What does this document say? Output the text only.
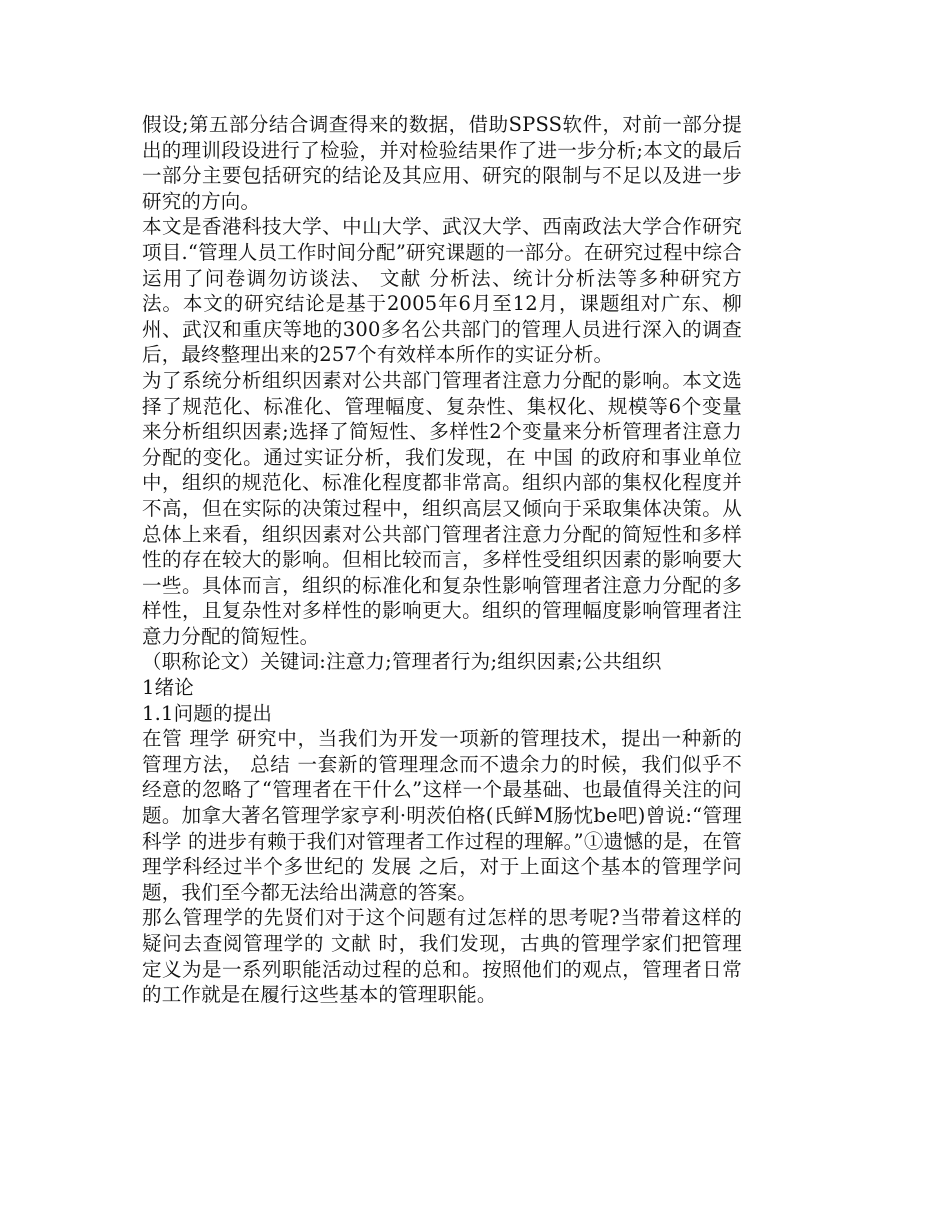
假设;第五部分结合调查得来的数据，借助SPSS软件，对前一部分提出的理训段设进行了检验，并对检验结果作了进一步分析;本文的最后一部分主要包括研究的结论及其应用、研究的限制与不足以及进一步研究的方向。

本文是香港科技大学、中山大学、武汉大学、西南政法大学合作研究项目.“管理人员工作时间分配”研究课题的一部分。在研究过程中综合运用了问卷调勿访谈法、 文献 分析法、统计分析法等多种研究方法。本文的研究结论是基于2005年6月至12月，课题组对广东、柳州、武汉和重庆等地的300多名公共部门的管理人员进行深入的调查后，最终整理出来的257个有效样本所作的实证分析。

为了系统分析组织因素对公共部门管理者注意力分配的影响。本文选择了规范化、标准化、管理幅度、复杂性、集权化、规模等6个变量来分析组织因素;选择了简短性、多样性2个变量来分析管理者注意力分配的变化。通过实证分析，我们发现，在 中国 的政府和事业单位中，组织的规范化、标准化程度都非常高。组织内部的集权化程度并不高，但在实际的决策过程中，组织高层又倾向于采取集体决策。从总体上来看，组织因素对公共部门管理者注意力分配的简短性和多样性的存在较大的影响。但相比较而言，多样性受组织因素的影响要大一些。具体而言，组织的标准化和复杂性影响管理者注意力分配的多样性，且复杂性对多样性的影响更大。组织的管理幅度影响管理者注意力分配的简短性。

（职称论文）关键词:注意力;管理者行为;组织因素;公共组织

1绪论

1.1问题的提出

在管 理学 研究中，当我们为开发一项新的管理技术，提出一种新的管理方法， 总结 一套新的管理理念而不遗余力的时候，我们似乎不经意的忽略了“管理者在干什么”这样一个最基础、也最值得关注的问题。加拿大著名管理学家亨利·明茨伯格(氏鲜M肠忱be吧)曾说:“管理 科学 的进步有赖于我们对管理者工作过程的理解。”①遗憾的是，在管理学科经过半个多世纪的 发展 之后，对于上面这个基本的管理学问题，我们至今都无法给出满意的答案。

那么管理学的先贤们对于这个问题有过怎样的思考呢?当带着这样的疑问去查阅管理学的 文献 时，我们发现，古典的管理学家们把管理定义为是一系列职能活动过程的总和。按照他们的观点，管理者日常的工作就是在履行这些基本的管理职能。
